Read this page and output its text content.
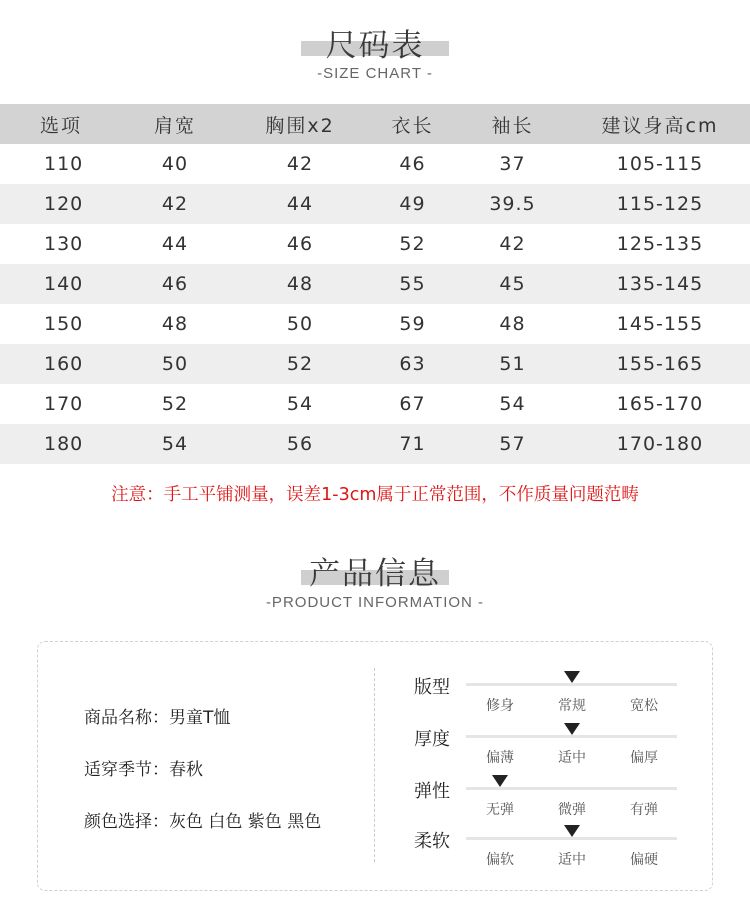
尺码表
-SIZE CHART -
选项	肩宽	胸围x2	衣长	袖长	建议身高cm
110	40	42	46	37	105-115
120	42	44	49	39.5	115-125
130	44	46	52	42	125-135
140	46	48	55	45	135-145
150	48	50	59	48	145-155
160	50	52	63	51	155-165
170	52	54	67	54	165-170
180	54	56	71	57	170-180
注意：手工平铺测量，误差1-3cm属于正常范围，不作质量问题范畴
产品信息
-PRODUCT INFORMATION -
商品名称：男童T恤
适穿季节：春秋
颜色选择：灰色 白色 紫色 黑色
版型
修身	常规	宽松
厚度
偏薄	适中	偏厚
弹性
无弹	微弹	有弹
柔软
偏软	适中	偏硬
